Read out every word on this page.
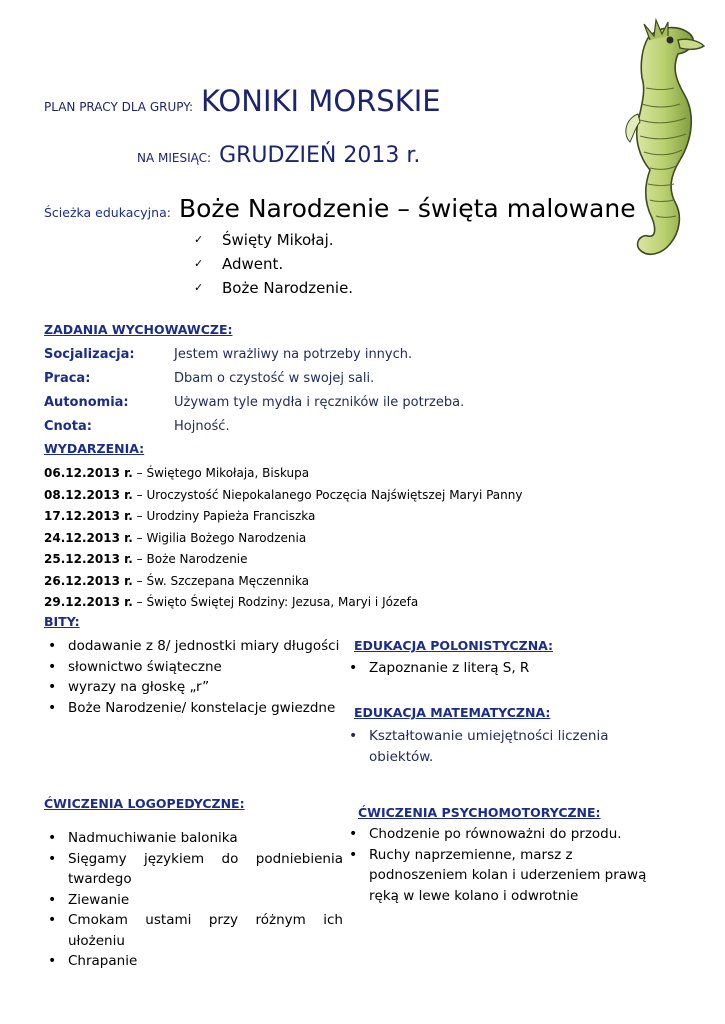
PLAN PRACY DLA GRUPY: KONIKI MORSKIE
NA MIESIĄC: GRUDZIEŃ 2013 r.
Ścieżka edukacyjna: Boże Narodzenie – święta malowane
✓	Święty Mikołaj.
✓	Adwent.
✓	Boże Narodzenie.
ZADANIA WYCHOWAWCZE:
Socjalizacja:	Jestem wrażliwy na potrzeby innych.
Praca:	Dbam o czystość w swojej sali.
Autonomia:	Używam tyle mydła i ręczników ile potrzeba.
Cnota:	Hojność.
WYDARZENIA:
06.12.2013 r. – Świętego Mikołaja, Biskupa
08.12.2013 r. – Uroczystość Niepokalanego Poczęcia Najświętszej Maryi Panny
17.12.2013 r. – Urodziny Papieża Franciszka
24.12.2013 r. – Wigilia Bożego Narodzenia
25.12.2013 r. – Boże Narodzenie
26.12.2013 r. – Św. Szczepana Męczennika
29.12.2013 r. – Święto Świętej Rodziny: Jezusa, Maryi i Józefa
BITY:
• dodawanie z 8/ jednostki miary długości
• słownictwo świąteczne
• wyrazy na głoskę „r”
• Boże Narodzenie/ konstelacje gwiezdne
EDUKACJA POLONISTYCZNA:
• Zapoznanie z literą S, R
EDUKACJA MATEMATYCZNA:
• Kształtowanie umiejętności liczenia obiektów.
ĆWICZENIA LOGOPEDYCZNE:
• Nadmuchiwanie balonika
• Sięgamy językiem do podniebienia twardego
• Ziewanie
• Cmokam ustami przy różnym ich ułożeniu
• Chrapanie
ĆWICZENIA PSYCHOMOTORYCZNE:
• Chodzenie po równoważni do przodu.
• Ruchy naprzemienne, marsz z podnoszeniem kolan i uderzeniem prawą ręką w lewe kolano i odwrotnie
